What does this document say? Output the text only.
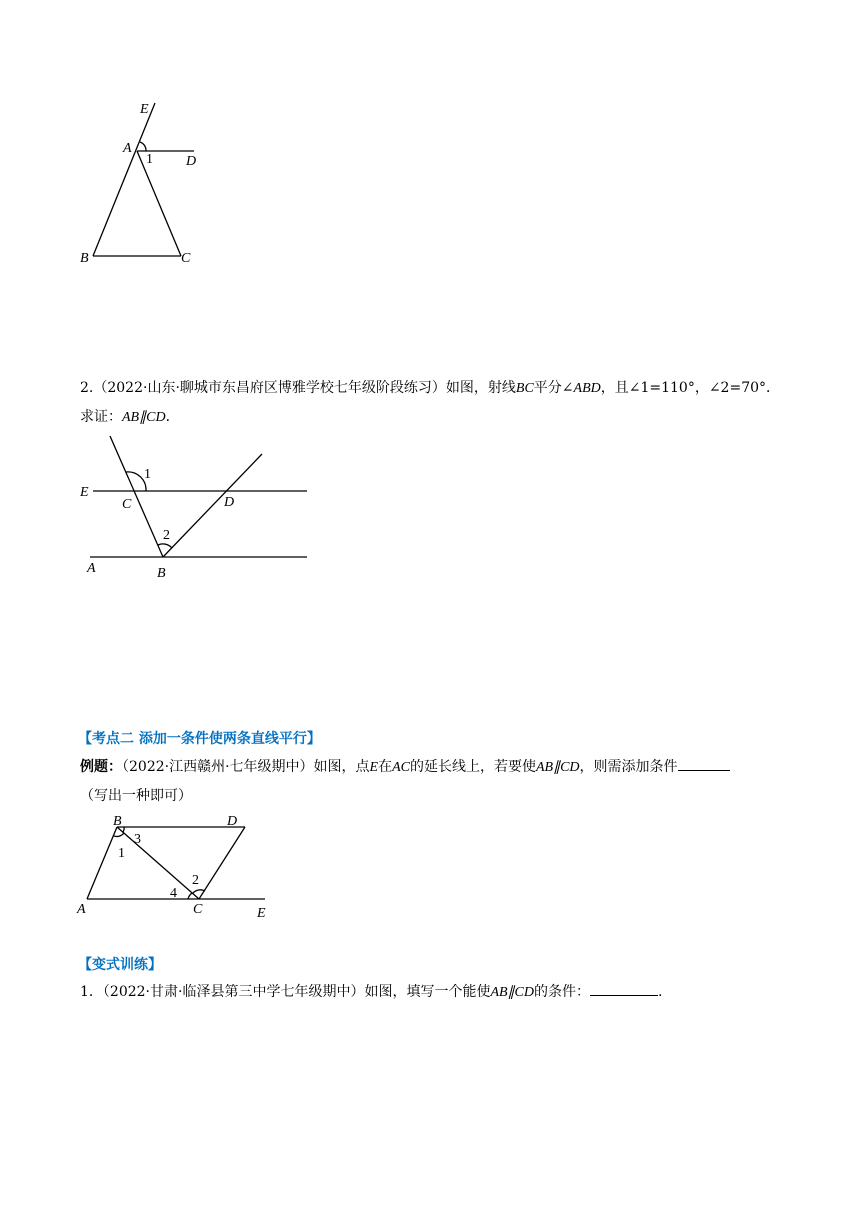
E
A
1 D
B	C
2.（2022·山东·聊城市东昌府区博雅学校七年级阶段练习）如图，射线BC平分∠ABD，且∠1=110°，∠2=70°．求证：AB∥CD．
E
1
C	D
2
A	B
【考点二 添加一条件使两条直线平行】
例题：（2022·江西赣州·七年级期中）如图，点E在AC的延长线上，若要使AB∥CD，则需添加条件
（写出一种即可）
B	D
3
1
2
4
A	C	E
【变式训练】
1．（2022·甘肃·临泽县第三中学七年级期中）如图，填写一个能使AB∥CD的条件：	.
